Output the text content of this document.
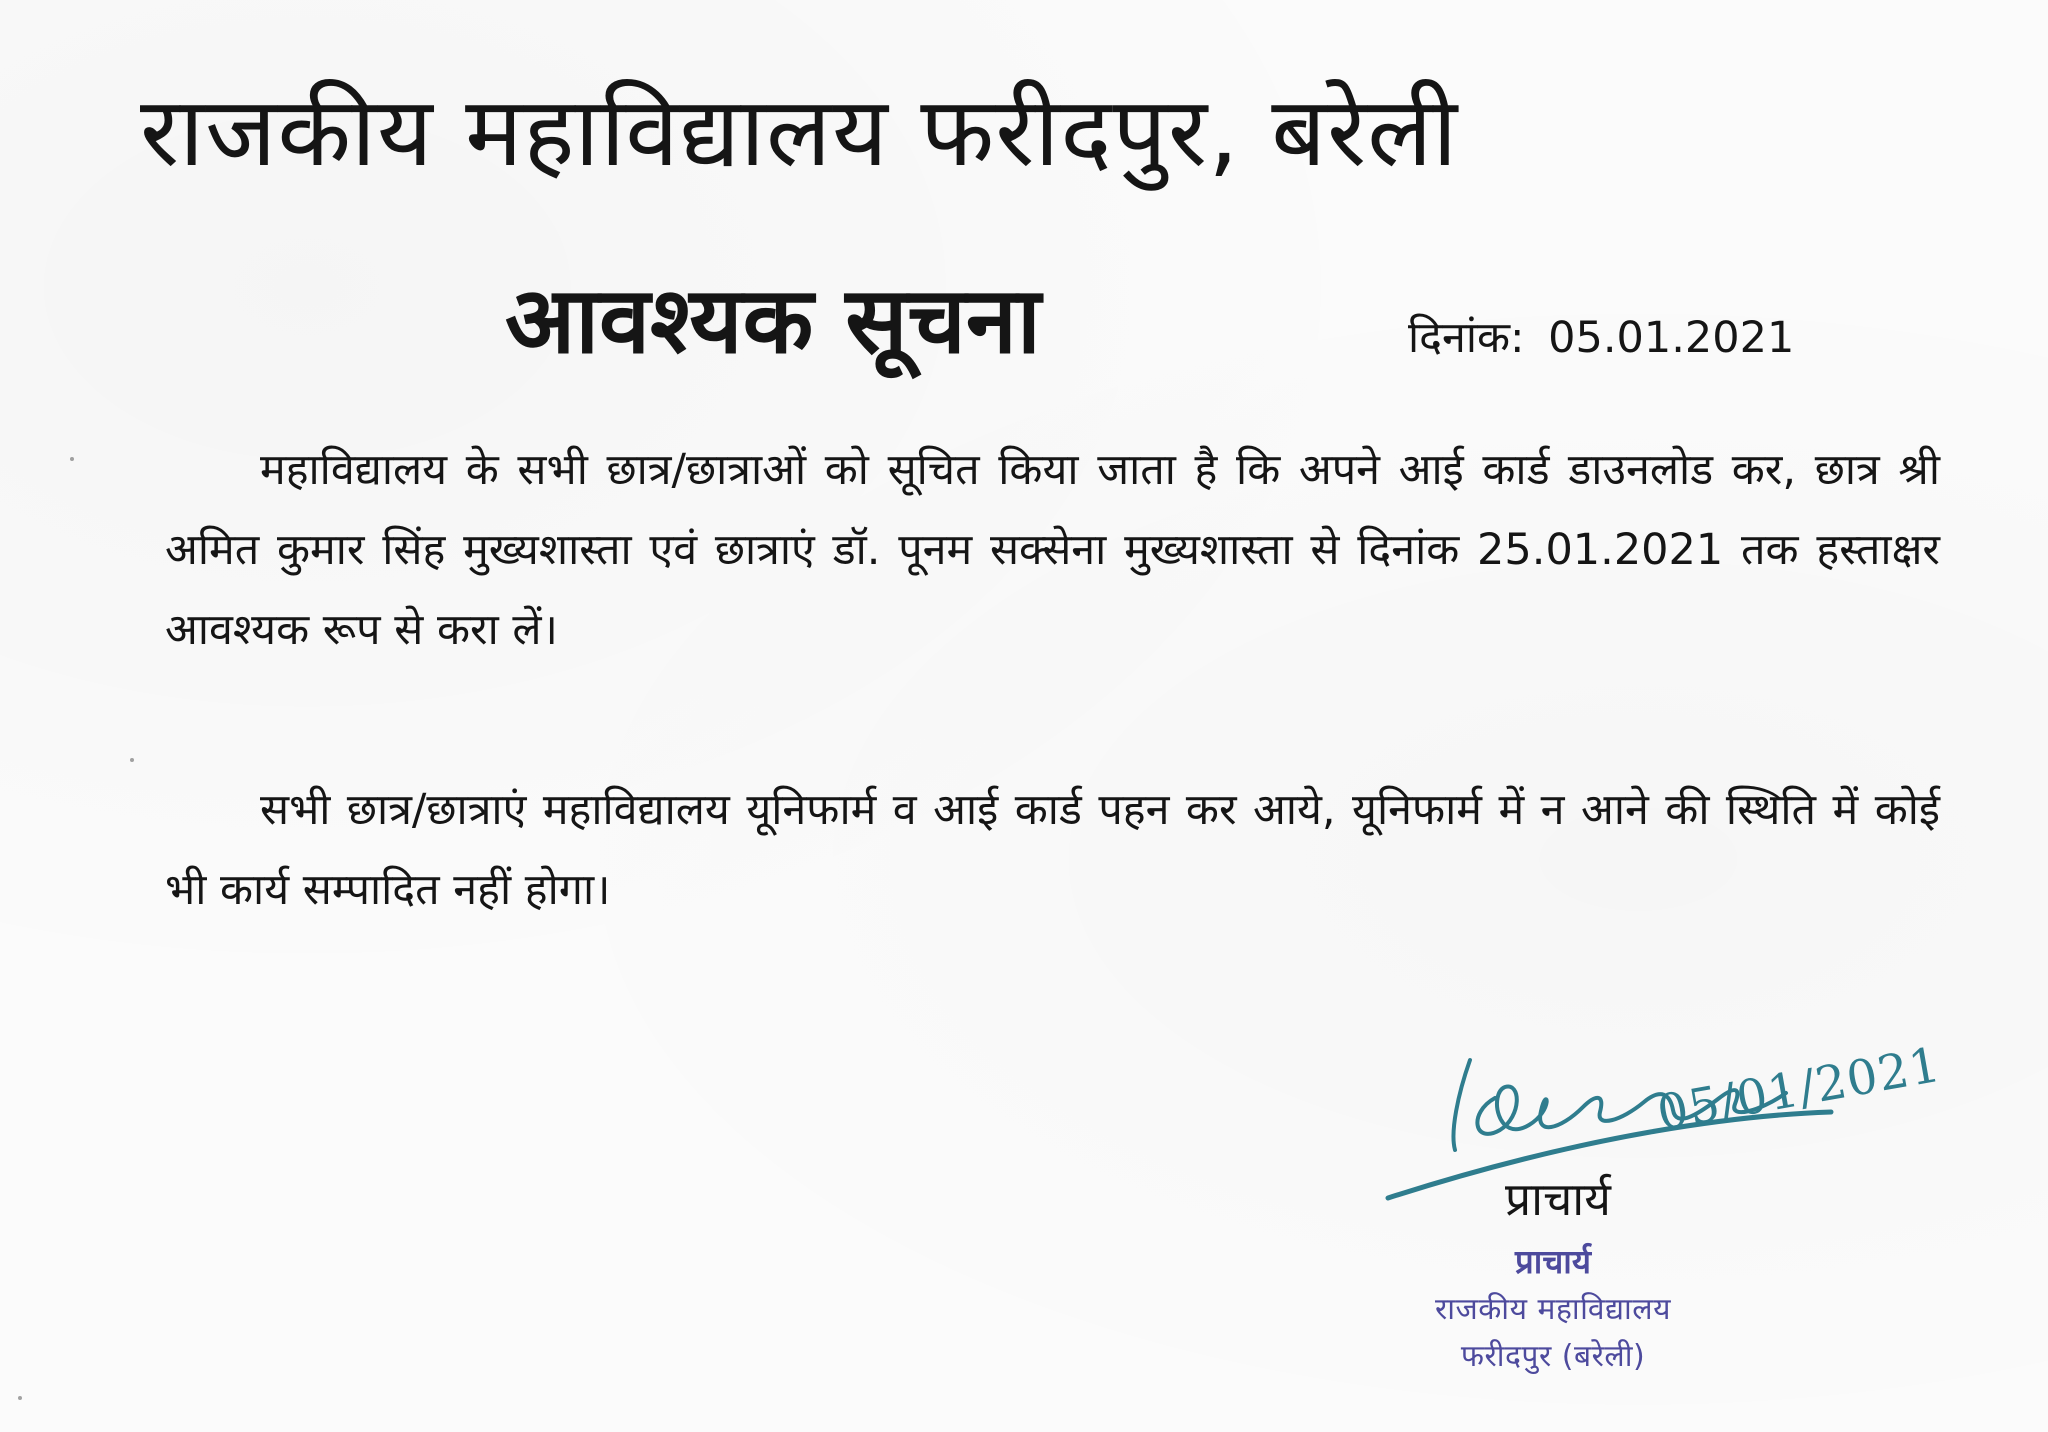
राजकीय महाविद्यालय फरीदपुर, बरेली
आवश्यक सूचना	दिनांक: 05.01.2021
महाविद्यालय के सभी छात्र/छात्राओं को सूचित किया जाता है कि अपने आई कार्ड डाउनलोड कर, छात्र श्री अमित कुमार सिंह मुख्यशास्ता एवं छात्राएं डॉ. पूनम सक्सेना मुख्यशास्ता से दिनांक 25.01.2021 तक हस्ताक्षर आवश्यक रूप से करा लें।
सभी छात्र/छात्राएं महाविद्यालय यूनिफार्म व आई कार्ड पहन कर आये, यूनिफार्म में न आने की स्थिति में कोई भी कार्य सम्पादित नहीं होगा।
05/01/2021
प्राचार्य
प्राचार्य
राजकीय महाविद्यालय
फरीदपुर (बरेली)
